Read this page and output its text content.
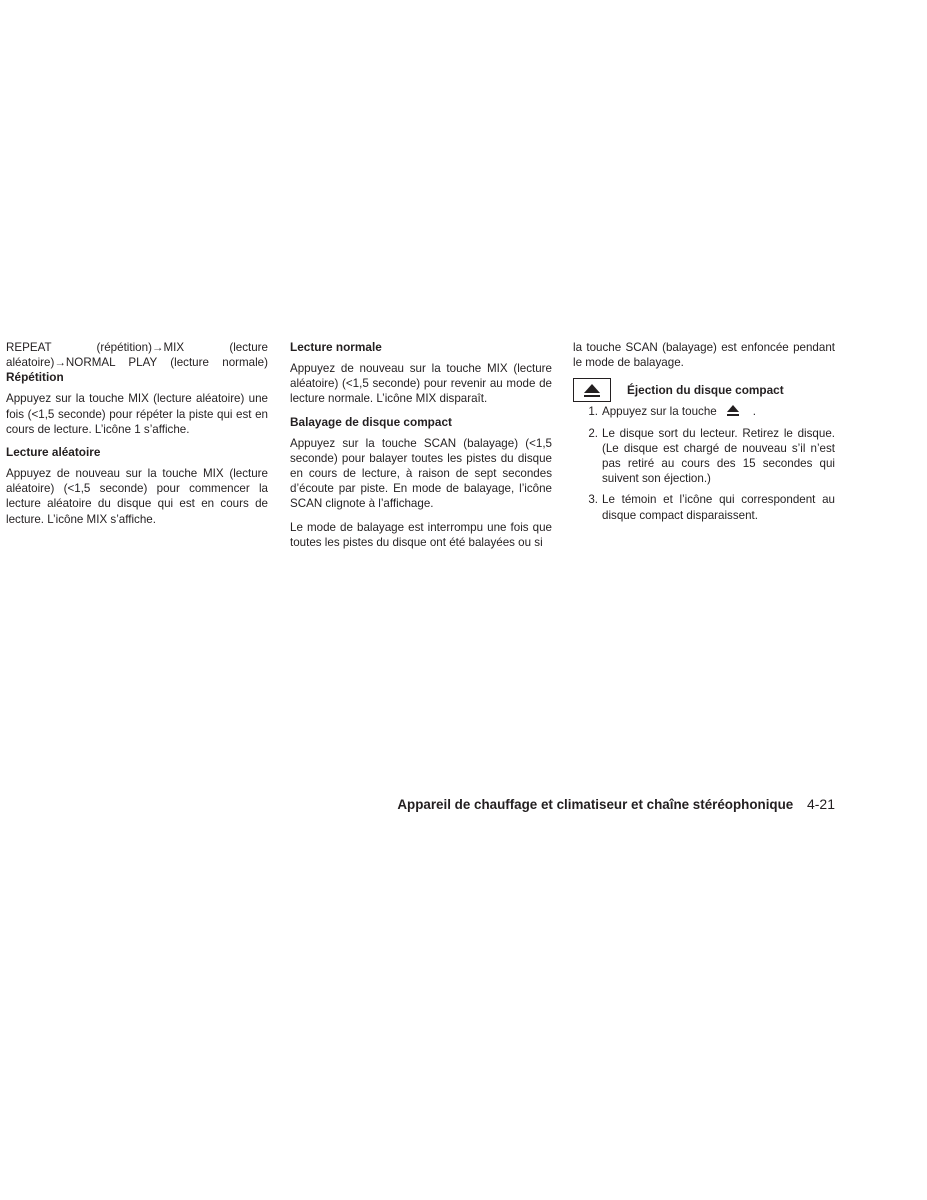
REPEAT (répétition)→MIX (lecture aléatoire)→NORMAL PLAY (lecture normale)

Répétition

Appuyez sur la touche MIX (lecture aléatoire) une fois (<1,5 seconde) pour répéter la piste qui est en cours de lecture. L’icône 1 s’affiche.

Lecture aléatoire

Appuyez de nouveau sur la touche MIX (lecture aléatoire) (<1,5 seconde) pour commencer la lecture aléatoire du disque qui est en cours de lecture. L’icône MIX s’affiche.

Lecture normale

Appuyez de nouveau sur la touche MIX (lecture aléatoire) (<1,5 seconde) pour revenir au mode de lecture normale. L’icône MIX disparaît.

Balayage de disque compact

Appuyez sur la touche SCAN (balayage) (<1,5 seconde) pour balayer toutes les pistes du disque en cours de lecture, à raison de sept secondes d’écoute par piste. En mode de balayage, l’icône SCAN clignote à l’affichage.

Le mode de balayage est interrompu une fois que toutes les pistes du disque ont été balayées ou si

la touche SCAN (balayage) est enfoncée pendant le mode de balayage.

Éjection du disque compact
1. Appuyez sur la touche	.
2. Le disque sort du lecteur. Retirez le disque. (Le disque est chargé de nouveau s’il n’est pas retiré au cours des 15 secondes qui suivent son éjection.)
3. Le témoin et l’icône qui correspondent au disque compact disparaissent.
Appareil de chauffage et climatiseur et chaîne stéréophonique 4-21
